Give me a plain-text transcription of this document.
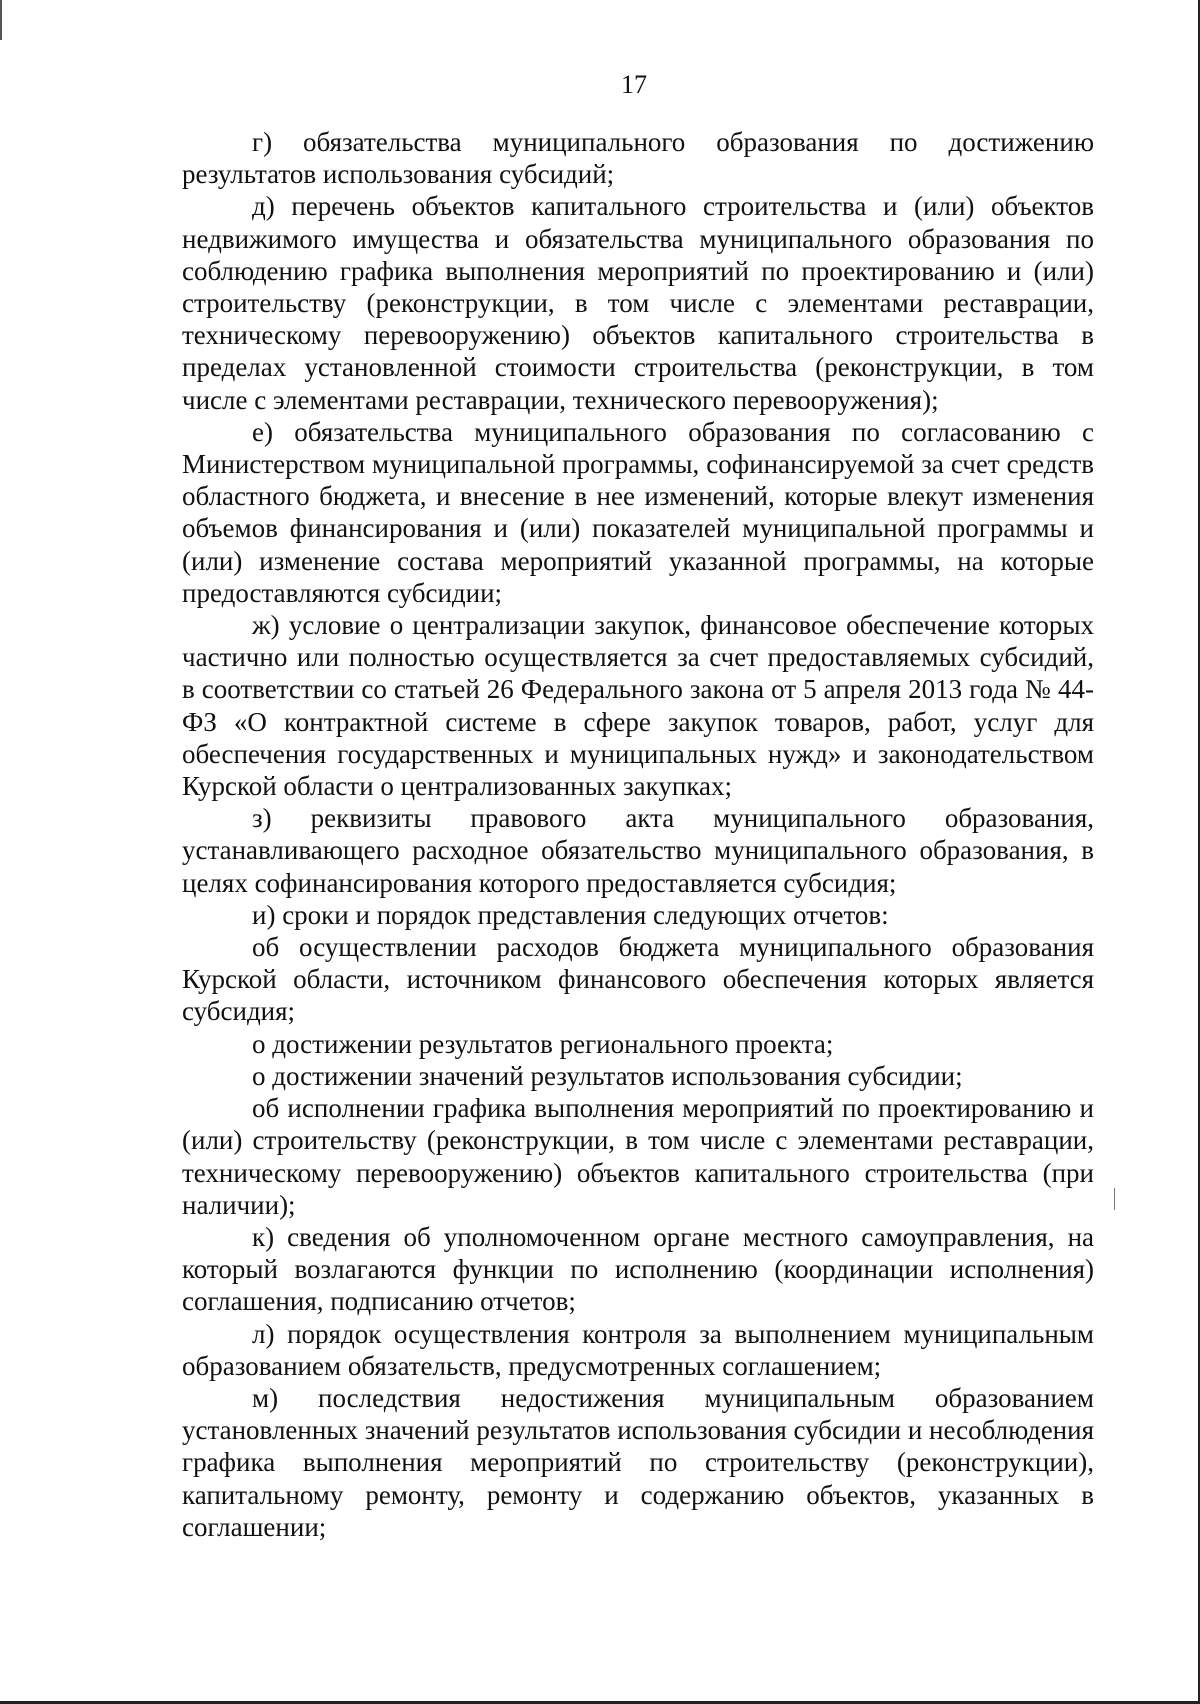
17

г) обязательства муниципального образования по достижению результатов использования субсидий;

д) перечень объектов капитального строительства и (или) объектов недвижимого имущества и обязательства муниципального образования по соблюдению графика выполнения мероприятий по проектированию и (или) строительству (реконструкции, в том числе с элементами реставрации, техническому перевооружению) объектов капитального строительства в пределах установленной стоимости строительства (реконструкции, в том числе с элементами реставрации, технического перевооружения);

е) обязательства муниципального образования по согласованию с Министерством муниципальной программы, софинансируемой за счет средств областного бюджета, и внесение в нее изменений, которые влекут изменения объемов финансирования и (или) показателей муниципальной программы и (или) изменение состава мероприятий указанной программы, на которые предоставляются субсидии;

ж) условие о централизации закупок, финансовое обеспечение которых частично или полностью осуществляется за счет предоставляемых субсидий, в соответствии со статьей 26 Федерального закона от 5 апреля 2013 года № 44-ФЗ «О контрактной системе в сфере закупок товаров, работ, услуг для обеспечения государственных и муниципальных нужд» и законодательством Курской области о централизованных закупках;

з) реквизиты правового акта муниципального образования, устанавливающего расходное обязательство муниципального образования, в целях софинансирования которого предоставляется субсидия;

и) сроки и порядок представления следующих отчетов:

об осуществлении расходов бюджета муниципального образования Курской области, источником финансового обеспечения которых является субсидия;

о достижении результатов регионального проекта;

о достижении значений результатов использования субсидии;

об исполнении графика выполнения мероприятий по проектированию и (или) строительству (реконструкции, в том числе с элементами реставрации, техническому перевооружению) объектов капитального строительства (при наличии);

к) сведения об уполномоченном органе местного самоуправления, на который возлагаются функции по исполнению (координации исполнения) соглашения, подписанию отчетов;

л) порядок осуществления контроля за выполнением муниципальным образованием обязательств, предусмотренных соглашением;

м) последствия недостижения муниципальным образованием установленных значений результатов использования субсидии и несоблюдения графика выполнения мероприятий по строительству (реконструкции), капитальному ремонту, ремонту и содержанию объектов, указанных в соглашении;
